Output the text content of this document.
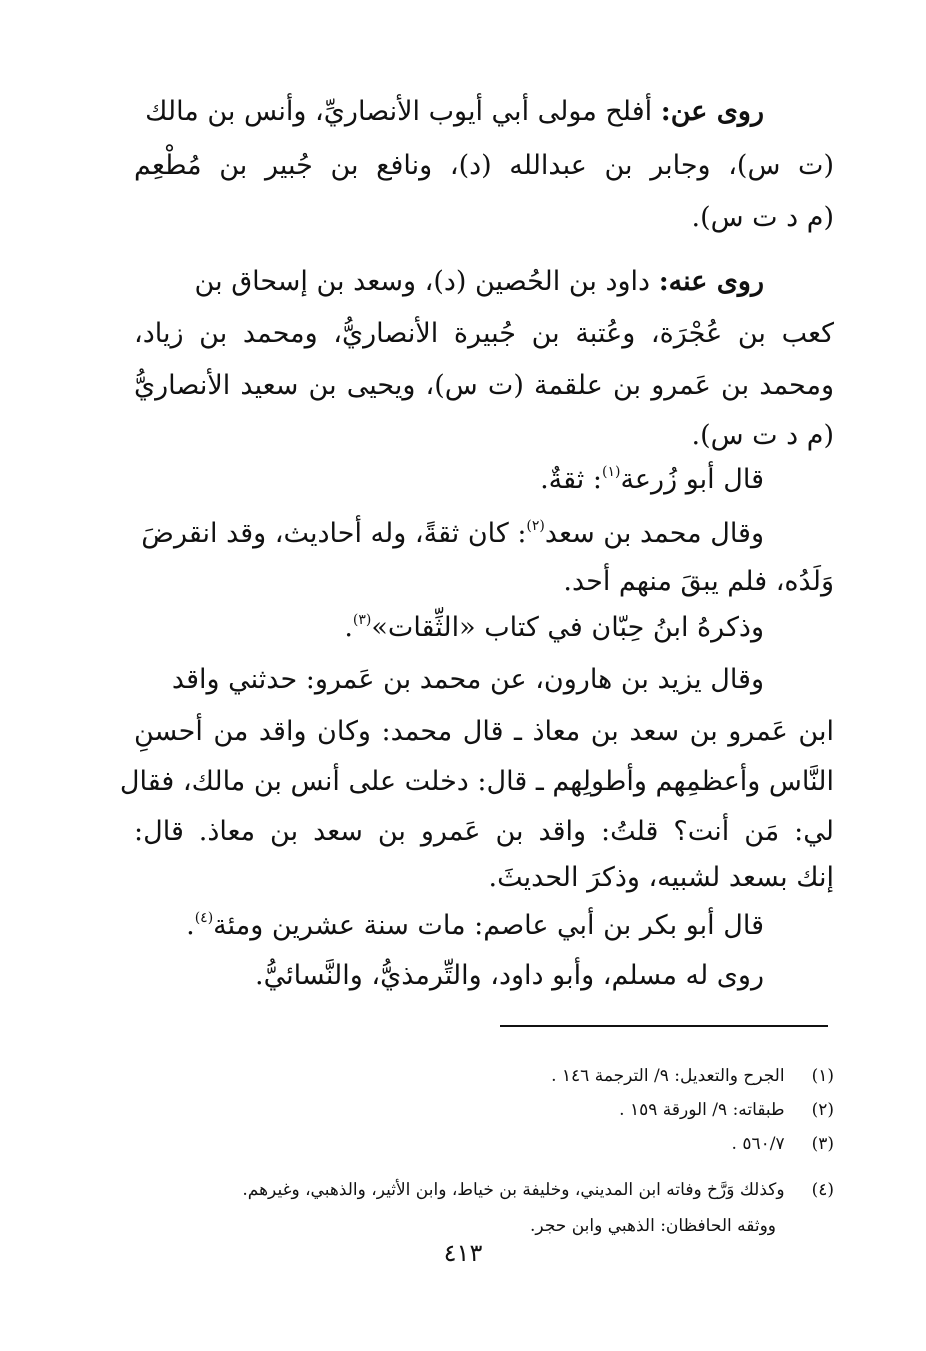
روى عن: أفلح مولى أبي أيوب الأنصاريِّ، وأنس بن مالك
(ت س)، وجابر بن عبدالله (د)، ونافع بن جُبير بن مُطْعِم
(م د ت س).
روى عنه: داود بن الحُصين (د)، وسعد بن إسحاق بن
كعب بن عُجْرَة، وعُتبة بن جُبيرة الأنصاريُّ، ومحمد بن زياد،
ومحمد بن عَمرو بن علقمة (ت س)، ويحيى بن سعيد الأنصاريُّ
(م د ت س).
قال أبو زُرعة$^{(١)}$: ثقةٌ.
وقال محمد بن سعد$^{(٢)}$: كان ثقةً، وله أحاديث، وقد انقرضَ
وَلَدُه، فلم يبقَ منهم أحد.
وذكرهُ ابنُ حِبّان في كتاب «الثِّقات»$^{(٣)}$.
وقال يزيد بن هارون، عن محمد بن عَمرو: حدثني واقد
ابن عَمرو بن سعد بن معاذ ـ قال محمد: وكان واقد من أحسنِ
النَّاس وأعظمِهم وأطولِهم ـ قال: دخلت على أنس بن مالك، فقال
لي: مَن أنت؟ قلتُ: واقد بن عَمرو بن سعد بن معاذ. قال:
إنك بسعد لشبيه، وذكرَ الحديثَ.
قال أبو بكر بن أبي عاصم: مات سنة عشرين ومئة$^{(٤)}$.
روى له مسلم، وأبو داود، والتِّرمذيُّ، والنَّسائيُّ.
(١) الجرح والتعديل: ٩/ الترجمة ١٤٦ .
(٢) طبقاته: ٩/ الورقة ١٥٩ .
(٣) ٥٦٠/٧ .
(٤) وكذلك وَرَّخ وفاته ابن المديني، وخليفة بن خياط، وابن الأثير، والذهبي، وغيرهم.
ووثقه الحافظان: الذهبي وابن حجر.
٤١٣
